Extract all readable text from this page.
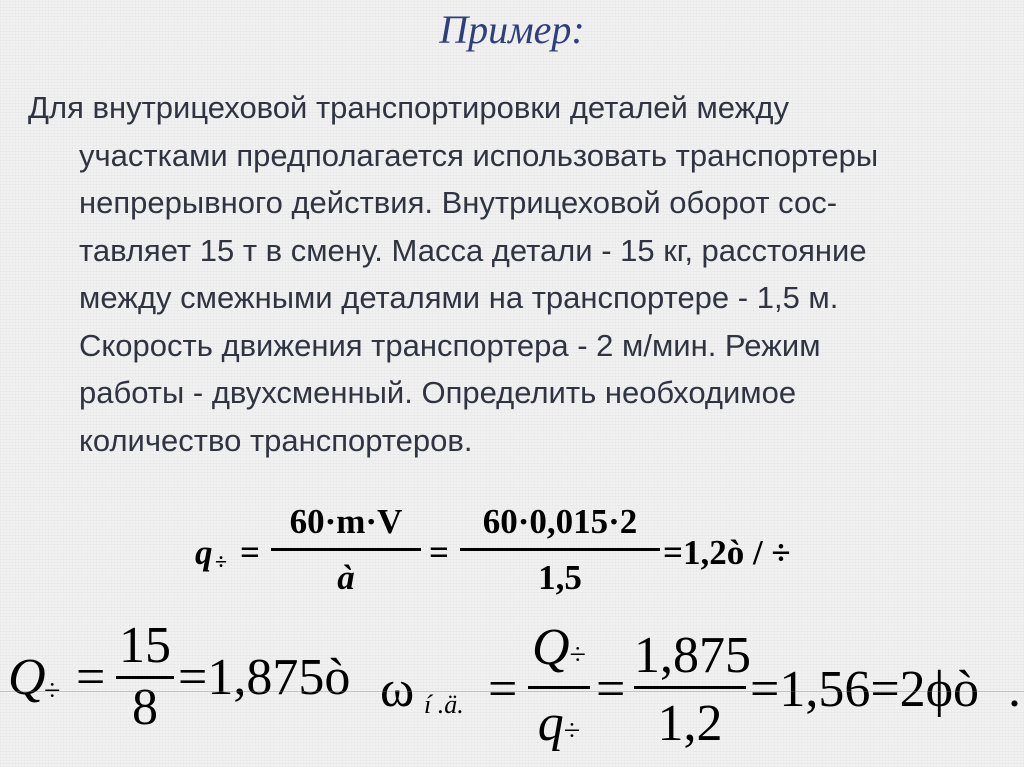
Пример:
Для внутрицеховой транспортировки деталей между
участками предполагается использовать транспортеры
непрерывного действия. Внутрицеховой оборот сос-
тавляет 15 т в смену. Масса детали - 15 кг, расстояние
между смежными деталями на транспортере - 1,5 м.
Скорость движения транспортера - 2 м/мин. Режим
работы - двухсменный. Определить необходимое
количество транспортеров.
q ÷ =
60·m·V
à
=
60·0,015·2
1,5
=1,2ò / ÷
Q
÷ =
15
8
=1,875ò ω í .ä. =
Q÷
q÷
=
1,875
1,2
=1,56=2ϕò .
